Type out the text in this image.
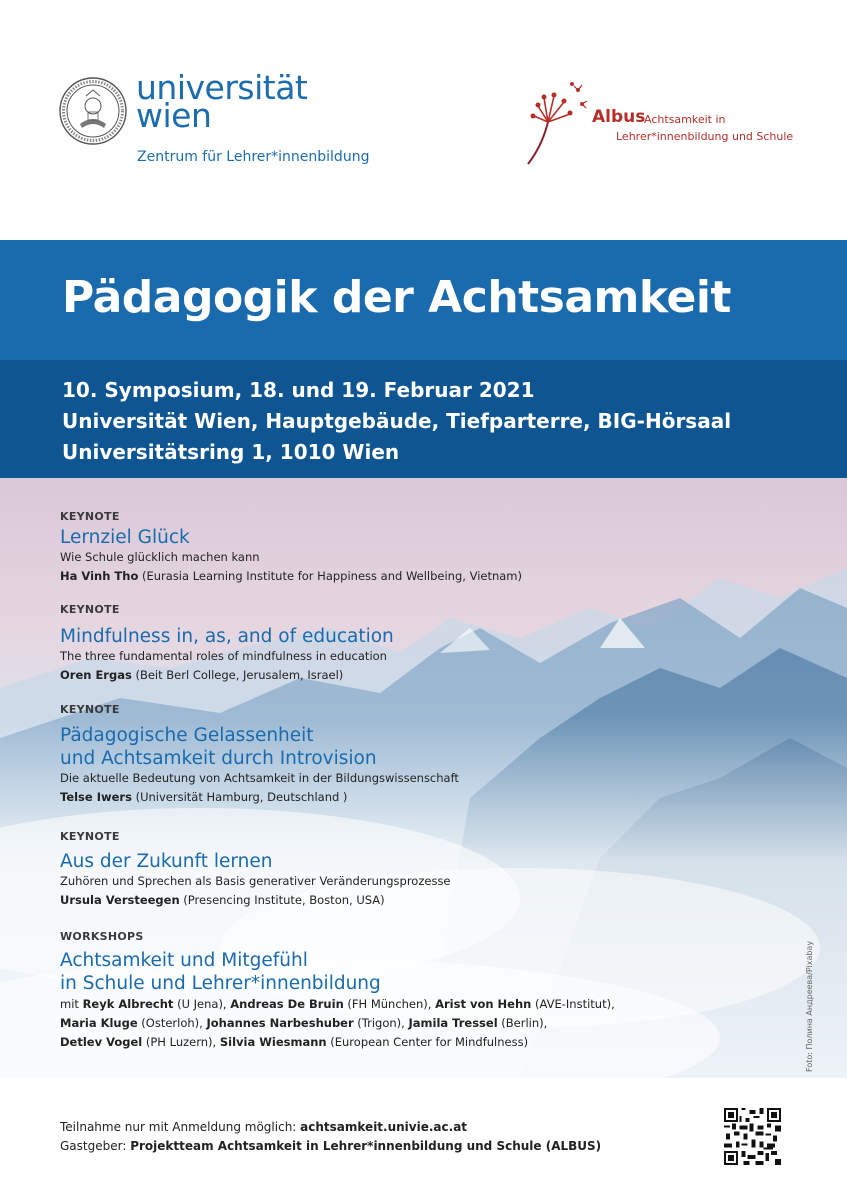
universität
wien
Zentrum für Lehrer*innenbildung
Albus
Achtsamkeit in
Lehrer*innenbildung und Schule
Pädagogik der Achtsamkeit
10. Symposium, 18. und 19. Februar 2021
Universität Wien, Hauptgebäude, Tiefparterre, BIG-Hörsaal
Universitätsring 1, 1010 Wien
KEYNOTE
Lernziel Glück
Wie Schule glücklich machen kann
Ha Vinh Tho (Eurasia Learning Institute for Happiness and Wellbeing, Vietnam)
KEYNOTE
Mindfulness in, as, and of education
The three fundamental roles of mindfulness in education
Oren Ergas (Beit Berl College, Jerusalem, Israel)
KEYNOTE
Pädagogische Gelassenheit
und Achtsamkeit durch Introvision
Die aktuelle Bedeutung von Achtsamkeit in der Bildungswissenschaft
Telse Iwers (Universität Hamburg, Deutschland )
KEYNOTE
Aus der Zukunft lernen
Zuhören und Sprechen als Basis generativer Veränderungsprozesse
Ursula Versteegen (Presencing Institute, Boston, USA)
WORKSHOPS
Achtsamkeit und Mitgefühl
in Schule und Lehrer*innenbildung
mit Reyk Albrecht (U Jena), Andreas De Bruin (FH München), Arist von Hehn (AVE-Institut),
Maria Kluge (Osterloh), Johannes Narbeshuber (Trigon), Jamila Tressel (Berlin),
Detlev Vogel (PH Luzern), Silvia Wiesmann (European Center for Mindfulness)	Foto: Полина Андреева/Pixabay
Teilnahme nur mit Anmeldung möglich: achtsamkeit.univie.ac.at
Gastgeber: Projektteam Achtsamkeit in Lehrer*innenbildung und Schule (ALBUS)
